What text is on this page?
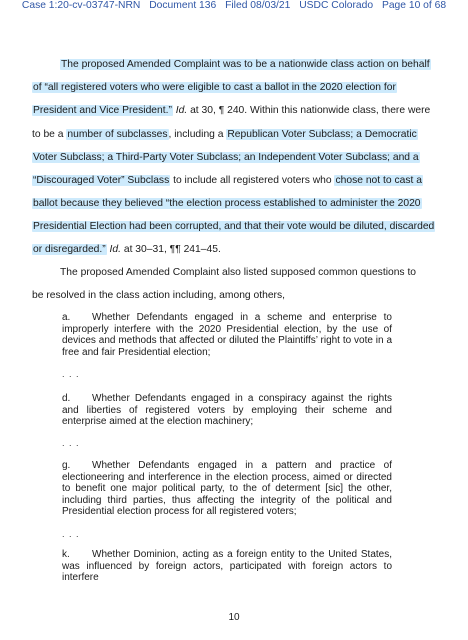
Case 1:20-cv-03747-NRN Document 136 Filed 08/03/21 USDC Colorado Page 10 of 68
The proposed Amended Complaint was to be a nationwide class action on behalf
of “all registered voters who were eligible to cast a ballot in the 2020 election for
President and Vice President.” Id. at 30, ¶ 240. Within this nationwide class, there were
to be a number of subclasses, including a Republican Voter Subclass; a Democratic
Voter Subclass; a Third-Party Voter Subclass; an Independent Voter Subclass; and a
“Discouraged Voter” Subclass to include all registered voters who chose not to cast a
ballot because they believed “the election process established to administer the 2020
Presidential Election had been corrupted, and that their vote would be diluted, discarded
or disregarded.” Id. at 30–31, ¶¶ 241–45.
The proposed Amended Complaint also listed supposed common questions to
be resolved in the class action including, among others,
a. Whether Defendants engaged in a scheme and enterprise to improperly interfere with the 2020 Presidential election, by the use of devices and methods that affected or diluted the Plaintiffs’ right to vote in a free and fair Presidential election;
. . .
d. Whether Defendants engaged in a conspiracy against the rights and liberties of registered voters by employing their scheme and enterprise aimed at the election machinery;
. . .
g. Whether Defendants engaged in a pattern and practice of electioneering and interference in the election process, aimed or directed to benefit one major political party, to the of determent [sic] the other, including third parties, thus affecting the integrity of the political and Presidential election process for all registered voters;
. . .
k. Whether Dominion, acting as a foreign entity to the United States, was influenced by foreign actors, participated with foreign actors to interfere
10
